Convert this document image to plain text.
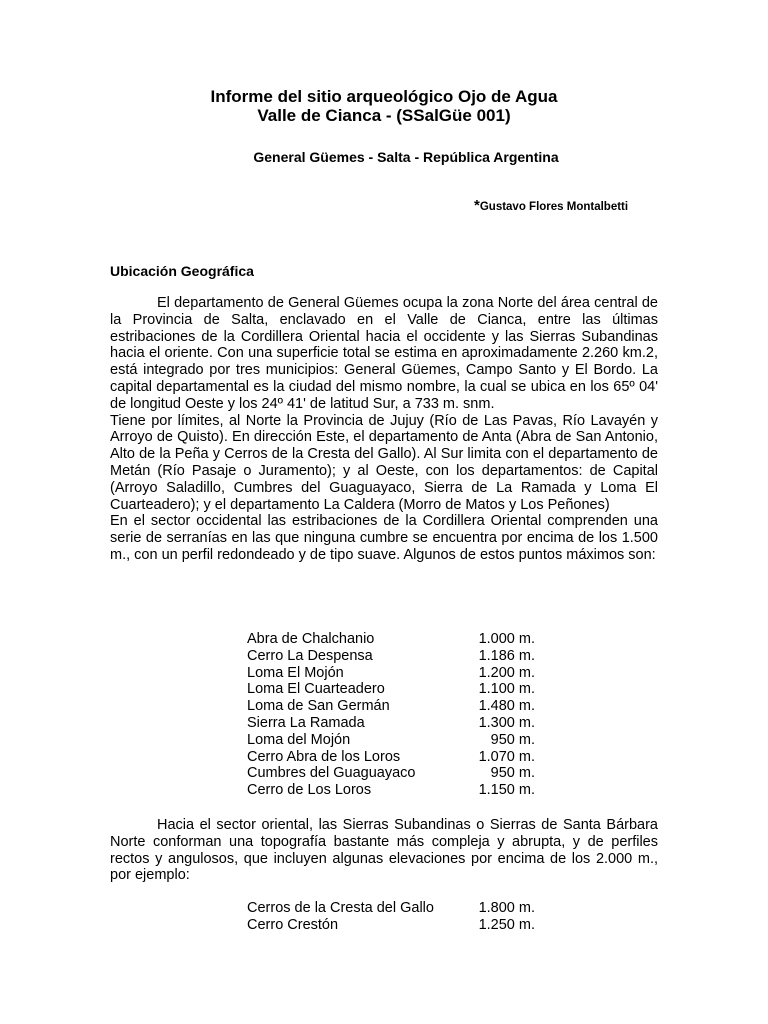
Informe del sitio arqueológico Ojo de Agua
Valle de Cianca - (SSalGüe 001)
General Güemes - Salta - República Argentina
*Gustavo Flores Montalbetti
Ubicación Geográfica

El departamento de General Güemes ocupa la zona Norte del área central de la Provincia de Salta, enclavado en el Valle de Cianca, entre las últimas estribaciones de la Cordillera Oriental hacia el occidente y las Sierras Subandinas hacia el oriente. Con una superficie total se estima en aproximadamente 2.260 km.2, está integrado por tres municipios: General Güemes, Campo Santo y El Bordo. La capital departamental es la ciudad del mismo nombre, la cual se ubica en los 65º 04' de longitud Oeste y los 24º 41' de latitud Sur, a 733 m. snm.

Tiene por límites, al Norte la Provincia de Jujuy (Río de Las Pavas, Río Lavayén y Arroyo de Quisto). En dirección Este, el departamento de Anta (Abra de San Antonio, Alto de la Peña y Cerros de la Cresta del Gallo). Al Sur limita con el departamento de Metán (Río Pasaje o Juramento); y al Oeste, con los departamentos: de Capital (Arroyo Saladillo, Cumbres del Guaguayaco, Sierra de La Ramada y Loma El Cuarteadero); y el departamento La Caldera (Morro de Matos y Los Peñones)

En el sector occidental las estribaciones de la Cordillera Oriental comprenden una serie de serranías en las que ninguna cumbre se encuentra por encima de los 1.500 m., con un perfil redondeado y de tipo suave. Algunos de estos puntos máximos son:

Abra de Chalchanio	1.000 m.
Cerro La Despensa	1.186 m.
Loma El Mojón	1.200 m.
Loma El Cuarteadero	1.100 m.
Loma de San Germán	1.480 m.
Sierra La Ramada	1.300 m.
Loma del Mojón	950 m.
Cerro Abra de los Loros	1.070 m.
Cumbres del Guaguayaco	950 m.
Cerro de Los Loros	1.150 m.

Hacia el sector oriental, las Sierras Subandinas o Sierras de Santa Bárbara Norte conforman una topografía bastante más compleja y abrupta, y de perfiles rectos y angulosos, que incluyen algunas elevaciones por encima de los 2.000 m., por ejemplo:

Cerros de la Cresta del Gallo	1.800 m.
Cerro Crestón	1.250 m.
